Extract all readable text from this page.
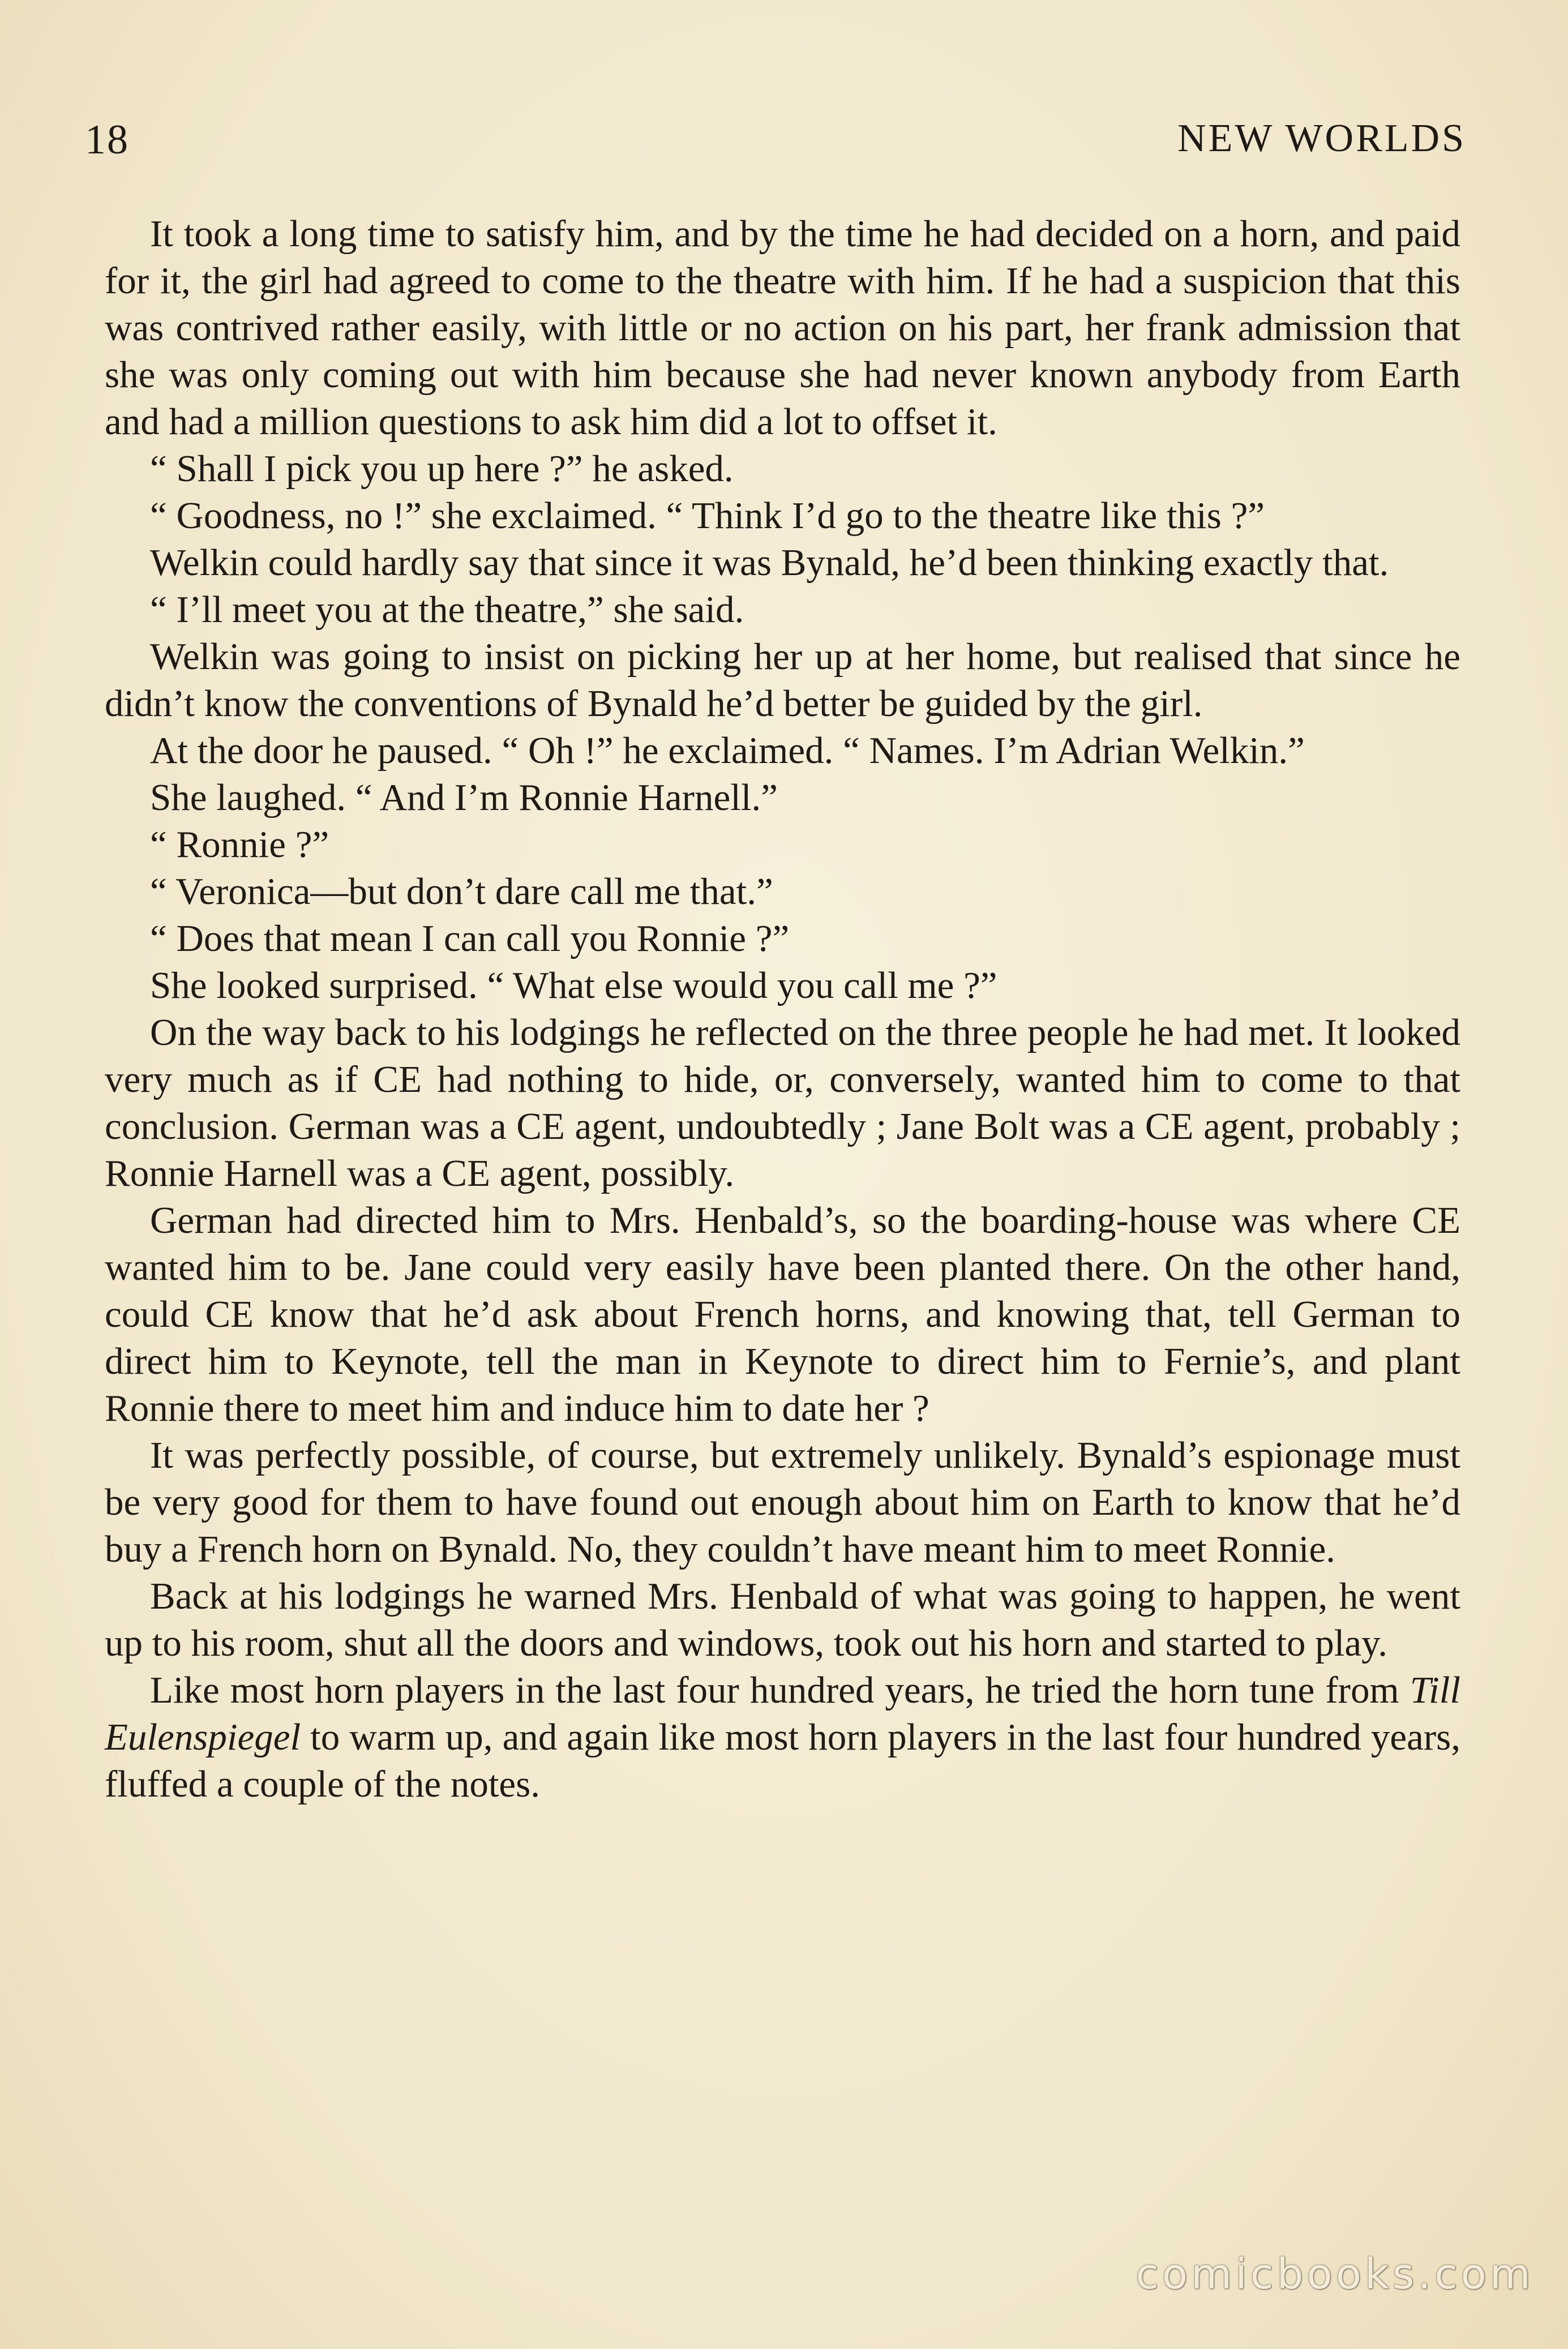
18	NEW WORLDS

It took a long time to satisfy him, and by the time he had decided on a horn, and paid for it, the girl had agreed to come to the theatre with him. If he had a suspicion that this was contrived rather easily, with little or no action on his part, her frank admission that she was only coming out with him because she had never known anybody from Earth and had a million questions to ask him did a lot to offset it.

“ Shall I pick you up here ?” he asked.

“ Goodness, no !” she exclaimed. “ Think I’d go to the theatre like this ?”

Welkin could hardly say that since it was Bynald, he’d been thinking exactly that.

“ I’ll meet you at the theatre,” she said.

Welkin was going to insist on picking her up at her home, but realised that since he didn’t know the conventions of Bynald he’d better be guided by the girl.

At the door he paused. “ Oh !” he exclaimed. “ Names. I’m Adrian Welkin.”

She laughed. “ And I’m Ronnie Harnell.”

“ Ronnie ?”

“ Veronica—but don’t dare call me that.”

“ Does that mean I can call you Ronnie ?”

She looked surprised. “ What else would you call me ?”

On the way back to his lodgings he reflected on the three people he had met. It looked very much as if CE had nothing to hide, or, conversely, wanted him to come to that conclusion. German was a CE agent, undoubtedly ; Jane Bolt was a CE agent, probably ; Ronnie Harnell was a CE agent, possibly.

German had directed him to Mrs. Henbald’s, so the boarding-house was where CE wanted him to be. Jane could very easily have been planted there. On the other hand, could CE know that he’d ask about French horns, and knowing that, tell German to direct him to Keynote, tell the man in Keynote to direct him to Fernie’s, and plant Ronnie there to meet him and induce him to date her ?

It was perfectly possible, of course, but extremely unlikely. Bynald’s espionage must be very good for them to have found out enough about him on Earth to know that he’d buy a French horn on Bynald. No, they couldn’t have meant him to meet Ronnie.

Back at his lodgings he warned Mrs. Henbald of what was going to happen, he went up to his room, shut all the doors and windows, took out his horn and started to play.

Like most horn players in the last four hundred years, he tried the horn tune from Till Eulenspiegel to warm up, and again like most horn players in the last four hundred years, fluffed a couple of the notes.

comicbooks.com
